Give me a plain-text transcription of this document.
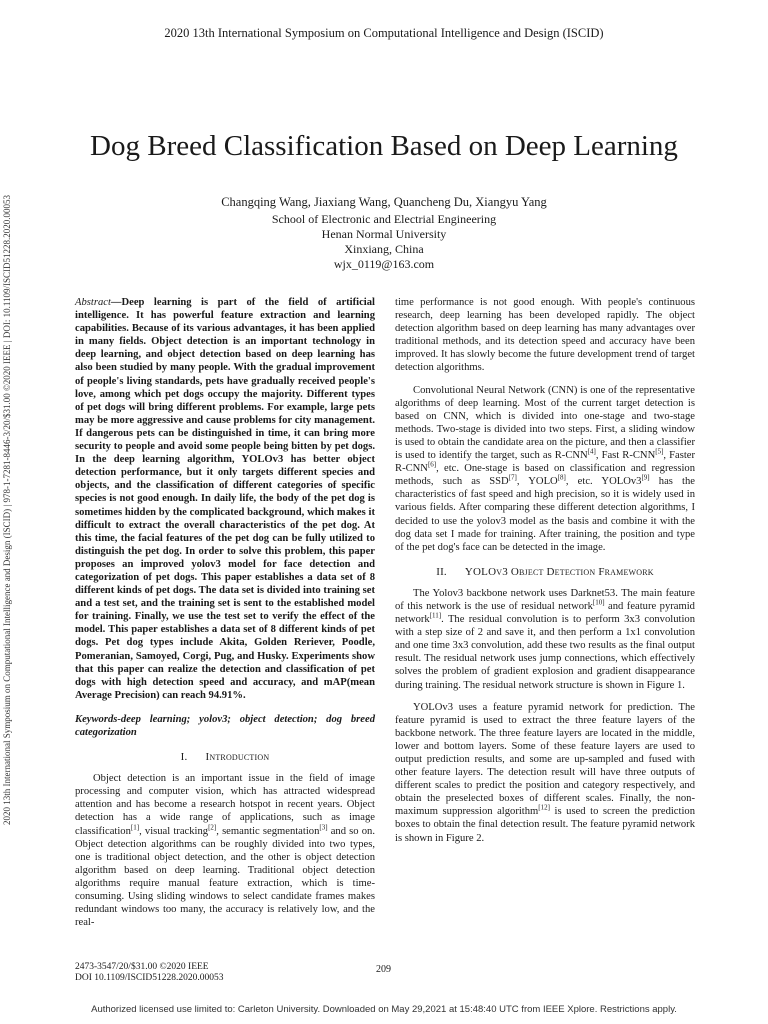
2020 13th International Symposium on Computational Intelligence and Design (ISCID)
2020 13th International Symposium on Computational Intelligence and Design (ISCID) | 978-1-7281-8446-3/20/$31.00 ©2020 IEEE | DOI: 10.1109/ISCID51228.2020.00053
Dog Breed Classification Based on Deep Learning
Changqing Wang, Jiaxiang Wang, Quancheng Du, Xiangyu Yang
School of Electronic and Electrial Engineering
Henan Normal University
Xinxiang, China
wjx_0119@163.com
Abstract—Deep learning is part of the field of artificial intelligence. It has powerful feature extraction and learning capabilities. Because of its various advantages, it has been applied in many fields. Object detection is an important technology in deep learning, and object detection based on deep learning has also been studied by many people. With the gradual improvement of people's living standards, pets have gradually received people's love, among which pet dogs occupy the majority. Different types of pet dogs will bring different problems. For example, large pets may be more aggressive and cause problems for city management. If dangerous pets can be distinguished in time, it can bring more security to people and avoid some people being bitten by pet dogs. In the deep learning algorithm, YOLOv3 has better object detection performance, but it only targets different species and objects, and the classification of different categories of specific species is not good enough. In daily life, the body of the pet dog is sometimes hidden by the complicated background, which makes it difficult to extract the overall characteristics of the pet dog. At this time, the facial features of the pet dog can be fully utilized to distinguish the pet dog. In order to solve this problem, this paper proposes an improved yolov3 model for face detection and categorization of pet dogs. This paper establishes a data set of 8 different kinds of pet dogs. The data set is divided into training set and a test set, and the training set is sent to the established model for training. Finally, we use the test set to verify the effect of the model. This paper establishes a data set of 8 different kinds of pet dogs. Pet dog types include Akita, Golden Reriever, Poodle, Pomeranian, Samoyed, Corgi, Pug, and Husky. Experiments show that this paper can realize the detection and classification of pet dogs with high detection speed and accuracy, and mAP(mean Average Precision) can reach 94.91%.
Keywords-deep learning; yolov3; object detection; dog breed categorization
I. Introduction

Object detection is an important issue in the field of image processing and computer vision, which has attracted widespread attention and has become a research hotspot in recent years. Object detection has a wide range of applications, such as image classification[1], visual tracking[2], semantic segmentation[3] and so on. Object detection algorithms can be roughly divided into two types, one is traditional object detection, and the other is object detection algorithm based on deep learning. Traditional object detection algorithms require manual feature extraction, which is time-consuming. Using sliding windows to select candidate frames makes redundant windows too many, the accuracy is relatively low, and the real-

time performance is not good enough. With people's continuous research, deep learning has been developed rapidly. The object detection algorithm based on deep learning has many advantages over traditional methods, and its detection speed and accuracy have been improved. It has slowly become the future development trend of target detection algorithms.

Convolutional Neural Network (CNN) is one of the representative algorithms of deep learning. Most of the current target detection is based on CNN, which is divided into one-stage and two-stage methods. Two-stage is divided into two steps. First, a sliding window is used to obtain the candidate area on the picture, and then a classifier is used to identify the target, such as R-CNN[4], Fast R-CNN[5], Faster R-CNN[6], etc. One-stage is based on classification and regression methods, such as SSD[7], YOLO[8], etc. YOLOv3[9] has the characteristics of fast speed and high precision, so it is widely used in various fields. After comparing these different detection algorithms, I decided to use the yolov3 model as the basis and combine it with the dog data set I made for training. After training, the position and type of the pet dog's face can be detected in the image.

II. YOLOv3 Object Detection Framework

The Yolov3 backbone network uses Darknet53. The main feature of this network is the use of residual network[10] and feature pyramid network[11]. The residual convolution is to perform 3x3 convolution with a step size of 2 and save it, and then perform a 1x1 convolution and one time 3x3 convolution, add these two results as the final output result. The residual network uses jump connections, which effectively solves the problem of gradient explosion and gradient disappearance during training. The residual network structure is shown in Figure 1.

YOLOv3 uses a feature pyramid network for prediction. The feature pyramid is used to extract the three feature layers of the backbone network. The three feature layers are located in the middle, lower and bottom layers. Some of these feature layers are used to output prediction results, and some are up-sampled and fused with other feature layers. The detection result will have three outputs of different scales to predict the position and category respectively, and obtain the preselected boxes of different scales. Finally, the non-maximum suppression algorithm[12] is used to screen the prediction boxes to obtain the final detection result. The feature pyramid network is shown in Figure 2.

2473-3547/20/$31.00 ©2020 IEEE
DOI 10.1109/ISCID51228.2020.00053
209
Authorized licensed use limited to: Carleton University. Downloaded on May 29,2021 at 15:48:40 UTC from IEEE Xplore. Restrictions apply.
